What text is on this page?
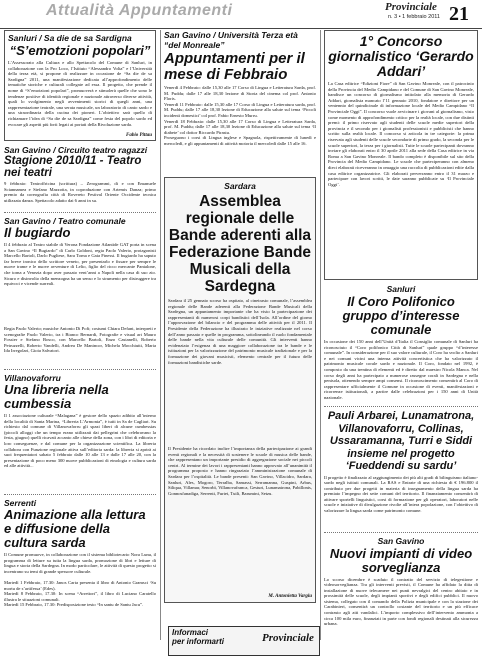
Attualità Appuntamenti	Provinciale
n. 3 • 1 febbraio 2011 21
Sanluri / Sa die de sa Sardigna
“S’emotzioni popolari”
L’Assessorato alla Cultura e allo Spettacolo del Comune di Sanluri, in collaborazione con la Pro Loco, l’Istituto “Alessandro Volta” e l’Università della terza età, si propone di realizzare in occasione de “Sa die de sa Sardigna” 2011, una manifestazione dedicata all’approfondimento delle tematiche storiche e culturali collegate ad essa. Il progetto, che prende il nome di “S’emotzioni popolari”, promuoverà e stimolerà quelle che sono le tendenze positive di identità regionale e nazionale attraverso diverse attività, quali lo svolgimento negli avvenimenti storici di quegli anni, una rappresentazione teatrale, una serata musicale, un laboratorio di canto sardo e una straordinaria della cucina dei pioneri. L’obiettivo sarà quello di richiamare l’idea di “Sa die de sa Sardigna” come festa del popolo sardo ed evocare gli aspetti più forti legati ai portati della Rivoluzione sarda.
Fabio Pittau
San Gavino / Circuito teatro ragazzi
Stagione 2010/11 - Teatro nei teatri
9 febbraio: Teatroffricina (scrittura) – Zerogrammi, di e con Emanuele Sciannamea e Stefano Mazzotta, in coproduzione con Artemis Danza; primo premio da coreografia città di Rovereto Festival Oriente Occidente tecnica utilizzata danza. Spettacolo adatto dai 6 anni in su.
San Gavino / Teatro comunale
Il bugiardo
Il 4 febbraio al Teatro stabile di Verona Fondazione Atlantide GAT porta in scena a San Gavino “Il Bugiardo” di Carlo Goldoni, regia Paolo Valerio, protagonisti Marcello Bartoli, Darlo Pugliese, Sara Torna e Gaia Finessi. Il bugiardo ha saputo far breve ironico dello scrittore veneto, per presentarlo e fissare per sempre le nuove trame e le nuove avventure di Lelio, figlio del ricco mercante Pantalone, che torna a Venezia dopo aver passato vent’anni a Napoli nella casa di suo zio. Sicuro e disinvolto della menzogna ha un senso e lo strumento per distruggere tra equivoci e vicende surreali.
Regia Paolo Valerio; musiche Antonio Di Pofi; costumi Chiara Defant, interpreti e scenografie Paolo Valerio, tra i Bianco Bernardi, Fotografie e visual art Mauro Fossier e Stefano Bosco, con Marcello Bartoli, Enzo Castanelli, Roberto Petruzzelli, Roberto Vandelli, Andrea De Manincor, Michela Mocchiutti, Maria Ida Irregolari, Gioia Salvatori.
Villanovaforru
Una libreria nella cumbessia
Il 1 associazione culturale “Malagana” è gestore dello spazio adibito all’interno della località di Santa Marina, “Libreria L’Armonia”, è tutti in Sa de Cagliari. Su richiesto dal comune di Villanovaforru gli spazi liberi di alcune cumbessias (piccoli alloggi che un tempo erano utilizzati dai pellegrini che celebravano la festa, giugno) quelli ricavati accanto alle chiese della zona, con i libri di editoria e loro conseguenze, e dal comune per la organizzazione scientifica. La libreria collabora con Funzione regionale attiva sull’editoria sarda: la libreria si aprirà ai suoi frequentatori sabato 5 febbraio dalle 10 alle 13 e dalle 17 alle 20, con la presentazione di poco meno 300 nuove pubblicazioni di etnologia e cultura sarda ed alle attività...
Serrenti
Animazione alla lettura e diffusione della cultura sarda
Il Comune promuove, in collaborazione con il sistema bibliotecario Nora Lunu, il programma di letture su tutta la lingua sarda, promozione di libri e letture di lingua e storia della Sardegna. In modo particolare, le attività di questo progetto si incentrano su temi di grande spessore culturale.
Martedì 1 Febbraio, 17.30: Janos Carta presenta il libro di Antonio Gramsci ‘Su mortu de s’artifessa’ (Edes).
Martedì 8 Febbraio, 17.30: In scena “Arrettori”, il libro di Luciano Caratello illustra le situazioni comunali.
Martedì 15 Febbraio, 17.30: Predisposizione testo “In santu de Santu Jacu”.
San Gavino / Università Terza età “del Monreale”
Appuntamenti per il mese di Febbraio
Venerdì 4 Febbraio: dalle 15,30 alle 17 Corso di Lingua e Letteratura Sarda, prof. M. Puddu; dalle 17 alle 18,30 lezione di Storia del cinema col prof. Antonio Floris.
Venerdì 11 Febbraio: dalle 15,30 alle 17 Corso di Lingua e Letteratura sarda, prof. M. Puddu; dalle 17 alle 18,30 lezione di Educazione alla salute sul tema ‘Piccoli incidenti domestici’ col prof. Fabio Ernesto Murru.
Venerdì 18 Febbraio: dalle 15,30 alle 17 Corso di Lingua e Letteratura Sarda, prof. M. Puddu; dalle 17 alle 18,30 lezione di Educazione alla salute sul tema ‘Il diabete’ col dottor Riccardo Pirastu.
Proseguono i corsi di Lingua inglese e Spagnola, rispettivamente di lunedì e mercoledì, e gli appuntamenti di attività motoria il mercoledì dalle 15 alle 16.
Sardara
Assemblea regionale delle Bande aderenti alla Federazione Bande Musicali della Sardegna
Sardara il 25 gennaio scorso ha ospitato, al cinetrasto comunale, l’assemblea regionale delle Bande aderenti alla Federazione Bande Musicali della Sardegna, un appuntamento importante che ha visto la partecipazione dei rappresentanti di numerosi corpi bandistici dell’Isola. All’ordine del giorno l’approvazione del bilancio e del programma delle attività per il 2011. Il Presidente della Federazione ha illustrato le iniziative realizzate nel corso dell’anno passato e quelle in programma, sottolineando il ruolo fondamentale delle bande nella vita culturale delle comunità. Gli interventi hanno evidenziato l’esigenza di una maggiore collaborazione tra le bande e le istituzioni per la valorizzazione del patrimonio musicale tradizionale e per la formazione dei giovani musicisti, elemento centrale per il futuro delle formazioni bandistiche sarde.
Il Presidente ha ricordato inoltre l’importanza della partecipazione ai grandi eventi regionali e la necessità di sostenere le scuole di musica delle bande, che rappresentano un importante presidio di aggregazione sociale nei piccoli centri. Al termine dei lavori i rappresentanti hanno approvato all’unanimità il programma proposto e hanno ringraziato l’amministrazione comunale di Sardara per l’ospitalità. Le bande presenti: San Gavino, Villacidro, Sardara, Sanluri, Ales, Mogoro, Terralba, Samassi, Serramanna, Guspini, Arbus, Siliqua, Villamar, Senorbì, Villanovafranca, Gesturi, Lunamatrona, Pabillonis, Gonnosfanadiga, Serrenti, Furtei, Tuili, Barumini, Setzu.
M. Antonietta Vargiu
Informaci
per informarti	Provinciale
1° Concorso giornalistico ‘Gerardo Addari’
La Casa editrice “Edizioni Fiore” di San Gavino Monreale, con il patrocinio della Provincia del Medio Campidano e del Comune di San Gavino Monreale, bandisce un concorso di giornalismo intitolato alla memoria di Gerardo Addari, giornalista mancato l’11 gennaio 2010, fondatore e direttore per un ventennio del quindicinale di informazione locale del Medio Campidano “Il Provinciale Oggi”. Il concorso vuole avvicinare i giovani al giornalismo, visto come momento di approfondimento critico per la realtà locale, con due distinti premi: il primo riservato agli studenti delle scuole medie superiori della provincia e il secondo per i giornalisti professionisti e pubblicisti che hanno scritto sulla realtà locale. Il concorso si articola in tre categorie: la prima riservata agli studenti delle scuole secondarie di primo grado, la seconda per le scuole superiori, la terza per i giornalisti. Tutte le scuole partecipanti dovranno inviare gli elaborati entro il 30 aprile 2011 alla sede della Casa editrice in via Roma a San Gavino Monreale. Il bando completo è disponibile sul sito della Provincia del Medio Campidano. Le scuole che parteciperanno con almeno dieci elaborati riceveranno in omaggio una raccolta di pubblicazioni edite dalla casa editrice organizzatrice. Gli elaborati perverranno entro il 31 marzo e partecipare con lavori scritti, le date saranno pubblicate su ‘Il Provinciale Oggi’.
Sanluri
Il Coro Polifonico gruppo d’interesse comunale
In occasione dei 150 anni dell’Unità d’Italia il Consiglio comunale di Sanluri ha riconosciuto il “Coro polifonico Città di Sanluri” quale gruppo “d’interesse comunale”. In considerazione per il suo valore culturale, il Coro ha svolto a Sanluri e nei comuni vicini una intensa attività concertistica che ha valorizzato il patrimonio musicale corale sardo e nazionale. Il Coro, fondato nel 1992, è composto da una trentina di elementi ed è diretto dal maestro Nicola Manca. Nel corso degli anni ha partecipato a numerose rassegne corali in Sardegna e nella penisola, ottenendo sempre ampi consensi. Il riconoscimento consentirà al Coro di rappresentare ufficialmente il Comune in occasione di eventi, manifestazioni e ricorrenze istituzionali, a partire dalle celebrazioni per i 150 anni di Unità nazionale.
Pauli Arbarei, Lunamatrona, Villanovaforru, Collinas, Ussaramanna, Turri e Siddi insieme nel progetto ‘Fueddendi su sardu’
Il progetto è finalizzato al raggiungimento dei più alti gradi di bilinguismo italiano-sardo negli istituti comunali. La RAS e Entrate di una richiesta di € 196.800 il contributo per due progetti in materia di insegnamento della lingua sarda ha premiato l’impegno dei sette comuni del territorio. Il finanziamento consentirà di attivare sportelli linguistici, corsi di formazione per gli operatori, laboratori nelle scuole e iniziative di divulgazione rivolte all’intera popolazione, con l’obiettivo di valorizzare la lingua sarda come patrimonio comune.
San Gavino
Nuovi impianti di video sorveglianza
Lo scorso dicembre è scaduto il contratto del servizio di telegestione e videosorveglianza. Tra gli interventi previsti, il Comune ha affidato la ditta di installazione di nuove telecamere nei punti nevralgici del centro abitato e in prossimità delle scuole, degli impianti sportivi e degli edifici pubblici. Il nuovo sistema, collegato con il comando della Polizia municipale e con la stazione dei Carabinieri, consentirà un controllo costante del territorio e un più efficace contrasto agli atti vandalici. L’importo complessivo dell’intervento ammonta a circa 100 mila euro, finanziati in parte con fondi regionali destinati alla sicurezza urbana.
